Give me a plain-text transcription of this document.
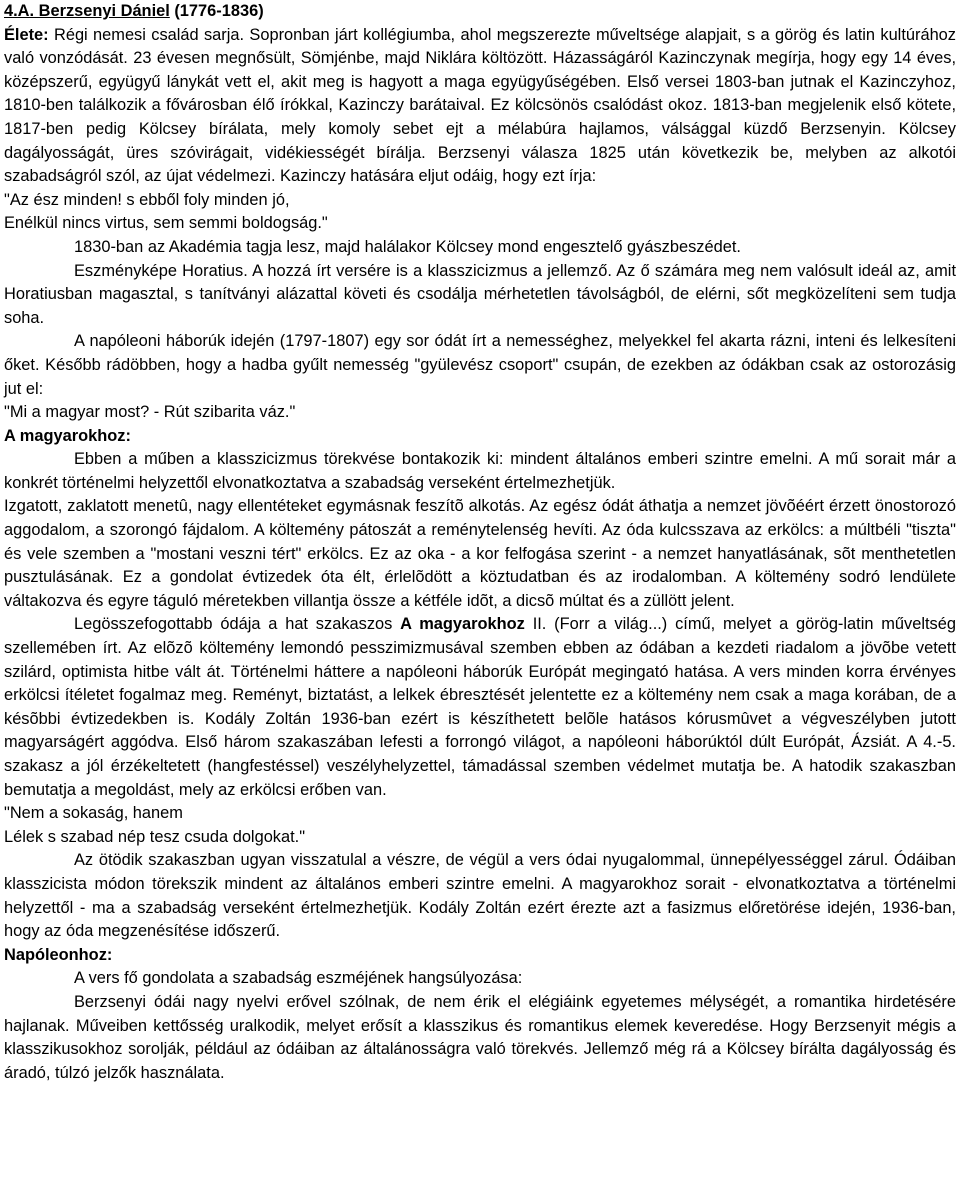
4.A. Berzsenyi Dániel (1776-1836)

Élete: Régi nemesi család sarja. Sopronban járt kollégiumba, ahol megszerezte műveltsége alapjait, s a görög és latin kultúrához való vonzódását. 23 évesen megnősült, Sömjénbe, majd Niklára költözött. Házasságáról Kazinczynak megírja, hogy egy 14 éves, középszerű, együgyű lánykát vett el, akit meg is hagyott a maga együgyűségében. Első versei 1803-ban jutnak el Kazinczyhoz, 1810-ben találkozik a fővárosban élő írókkal, Kazinczy barátaival. Ez kölcsönös csalódást okoz. 1813-ban megjelenik első kötete, 1817-ben pedig Kölcsey bírálata, mely komoly sebet ejt a mélabúra hajlamos, válsággal küzdő Berzsenyin. Kölcsey dagályosságát, üres szóvirágait, vidékiességét bírálja. Berzsenyi válasza 1825 után következik be, melyben az alkotói szabadságról szól, az újat védelmezi. Kazinczy hatására eljut odáig, hogy ezt írja:

"Az ész minden! s ebből foly minden jó,
Enélkül nincs virtus, sem semmi boldogság."

1830-ban az Akadémia tagja lesz, majd halálakor Kölcsey mond engesztelő gyászbeszédet.

Eszményképe Horatius. A hozzá írt versére is a klasszicizmus a jellemző. Az ő számára meg nem valósult ideál az, amit Horatiusban magasztal, s tanítványi alázattal követi és csodálja mérhetetlen távolságból, de elérni, sőt megközelíteni sem tudja soha.

A napóleoni háborúk idején (1797-1807) egy sor ódát írt a nemességhez, melyekkel fel akarta rázni, inteni és lelkesíteni őket. Később rádöbben, hogy a hadba gyűlt nemesség "gyülevész csoport" csupán, de ezekben az ódákban csak az ostorozásig jut el:

"Mi a magyar most? - Rút szibarita váz."
A magyarokhoz:

Ebben a műben a klasszicizmus törekvése bontakozik ki: mindent általános emberi szintre emelni. A mű sorait már a konkrét történelmi helyzettől elvonatkoztatva a szabadság verseként értelmezhetjük.

Izgatott, zaklatott menetû, nagy ellentéteket egymásnak feszítõ alkotás. Az egész ódát áthatja a nemzet jövõéért érzett önostorozó aggodalom, a szorongó fájdalom. A költemény pátoszát a reménytelenség hevíti. Az óda kulcsszava az erkölcs: a múltbéli "tiszta" és vele szemben a "mostani veszni tért" erkölcs. Ez az oka - a kor felfogása szerint - a nemzet hanyatlásának, sõt menthetetlen pusztulásának. Ez a gondolat évtizedek óta élt, érlelõdött a köztudatban és az irodalomban. A költemény sodró lendülete váltakozva és egyre táguló méretekben villantja össze a kétféle idõt, a dicsõ múltat és a züllött jelent.

Legösszefogottabb ódája a hat szakaszos A magyarokhoz II. (Forr a világ...) című, melyet a görög-latin műveltség szellemében írt. Az elõzõ költemény lemondó pesszimizmusával szemben ebben az ódában a kezdeti riadalom a jövõbe vetett szilárd, optimista hitbe vált át. Történelmi háttere a napóleoni háborúk Európát megingató hatása. A vers minden korra érvényes erkölcsi ítéletet fogalmaz meg. Reményt, biztatást, a lelkek ébresztését jelentette ez a költemény nem csak a maga korában, de a késõbbi évtizedekben is. Kodály Zoltán 1936-ban ezért is készíthetett belõle hatásos kórusmûvet a végveszélyben jutott magyarságért aggódva. Első három szakaszában lefesti a forrongó világot, a napóleoni háborúktól dúlt Európát, Ázsiát. A 4.-5. szakasz a jól érzékeltetett (hangfestéssel) veszélyhelyzettel, támadással szemben védelmet mutatja be. A hatodik szakaszban bemutatja a megoldást, mely az erkölcsi erőben van.

"Nem a sokaság, hanem
Lélek s szabad nép tesz csuda dolgokat."

Az ötödik szakaszban ugyan visszatulal a vészre, de végül a vers ódai nyugalommal, ünnepélyességgel zárul. Ódáiban klasszicista módon törekszik mindent az általános emberi szintre emelni. A magyarokhoz sorait - elvonatkoztatva a történelmi helyzettől - ma a szabadság verseként értelmezhetjük. Kodály Zoltán ezért érezte azt a fasizmus előretörése idején, 1936-ban, hogy az óda megzenésítése időszerű.

Napóleonhoz:

A vers fő gondolata a szabadság eszméjének hangsúlyozása:

Berzsenyi ódái nagy nyelvi erővel szólnak, de nem érik el elégiáink egyetemes mélységét, a romantika hirdetésére hajlanak. Műveiben kettősség uralkodik, melyet erősít a klasszikus és romantikus elemek keveredése. Hogy Berzsenyit mégis a klasszikusokhoz sorolják, például az ódáiban az általánosságra való törekvés. Jellemző még rá a Kölcsey bírálta dagályosság és áradó, túlzó jelzők használata.
